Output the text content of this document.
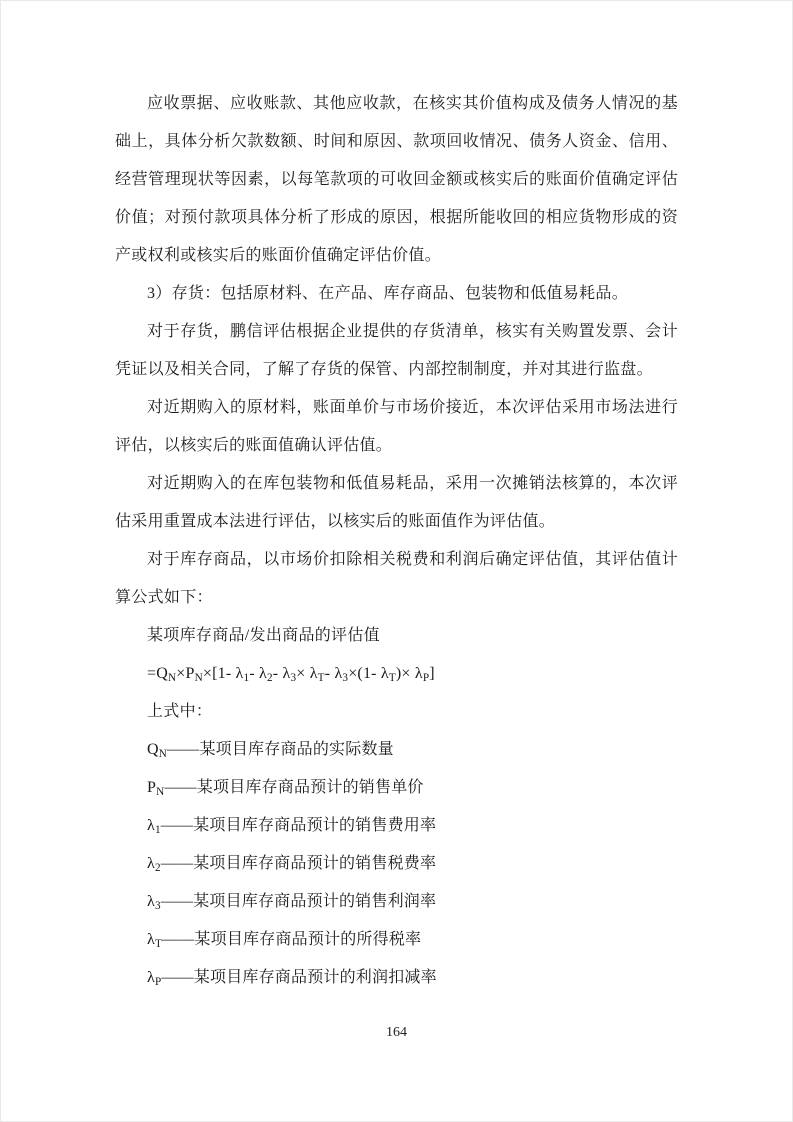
应收票据、应收账款、其他应收款，在核实其价值构成及债务人情况的基础上，具体分析欠款数额、时间和原因、款项回收情况、债务人资金、信用、经营管理现状等因素，以每笔款项的可收回金额或核实后的账面价值确定评估价值；对预付款项具体分析了形成的原因，根据所能收回的相应货物形成的资产或权利或核实后的账面价值确定评估价值。

3）存货：包括原材料、在产品、库存商品、包装物和低值易耗品。

对于存货，鹏信评估根据企业提供的存货清单，核实有关购置发票、会计凭证以及相关合同，了解了存货的保管、内部控制制度，并对其进行监盘。

对近期购入的原材料，账面单价与市场价接近，本次评估采用市场法进行评估，以核实后的账面值确认评估值。

对近期购入的在库包装物和低值易耗品，采用一次摊销法核算的，本次评估采用重置成本法进行评估，以核实后的账面值作为评估值。

对于库存商品，以市场价扣除相关税费和利润后确定评估值，其评估值计算公式如下：

某项库存商品/发出商品的评估值

$=Q_N\times P_N\times[1-$ $\lambda_1-$ $\lambda_2-$ $\lambda_3\times \lambda_T-$ $\lambda_3\times(1-$ $\lambda_T)\times \lambda_P$]

上式中：

$Q_N——$某项目库存商品的实际数量

$P_N——$某项目库存商品预计的销售单价

$\lambda_1——$某项目库存商品预计的销售费用率

$\lambda_2——$某项目库存商品预计的销售税费率

$\lambda_3——$某项目库存商品预计的销售利润率

$\lambda_T——$某项目库存商品预计的所得税率

$\lambda_P——$某项目库存商品预计的利润扣减率

164
